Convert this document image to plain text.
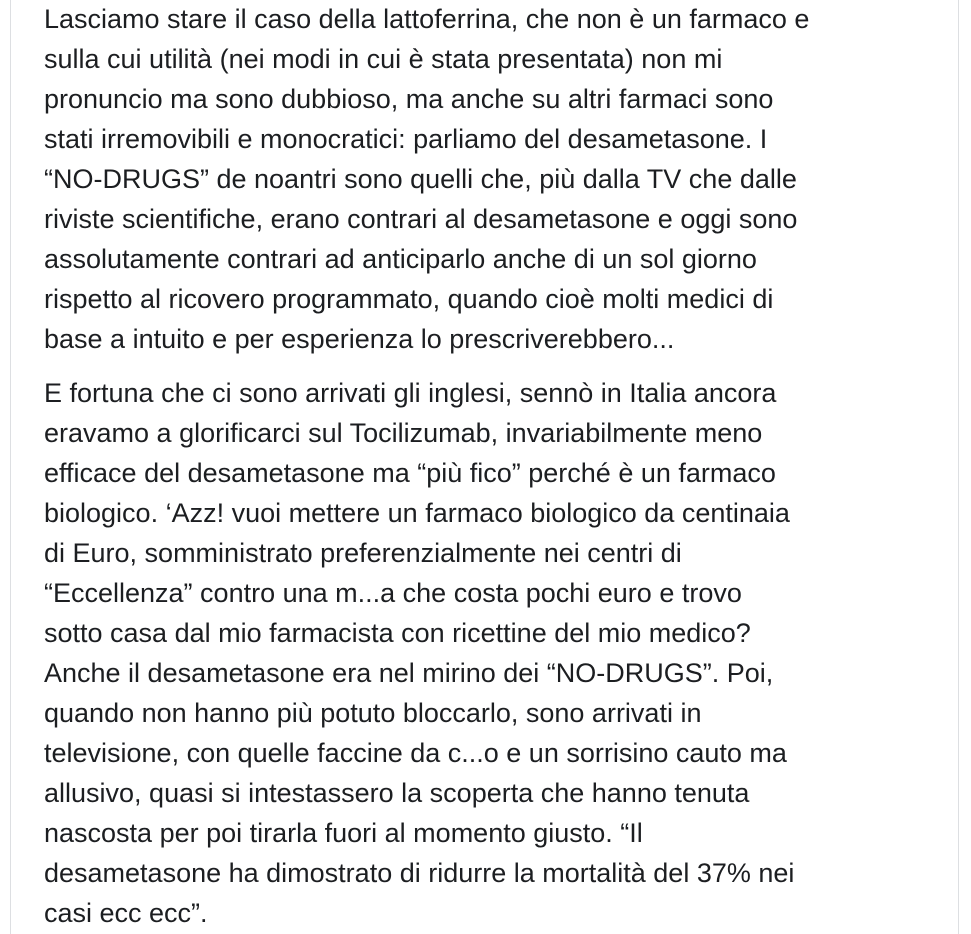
Lasciamo stare il caso della lattoferrina, che non è un farmaco e
sulla cui utilità (nei modi in cui è stata presentata) non mi
pronuncio ma sono dubbioso, ma anche su altri farmaci sono
stati irremovibili e monocratici: parliamo del desametasone. I
“NO-DRUGS” de noantri sono quelli che, più dalla TV che dalle
riviste scientifiche, erano contrari al desametasone e oggi sono
assolutamente contrari ad anticiparlo anche di un sol giorno
rispetto al ricovero programmato, quando cioè molti medici di
base a intuito e per esperienza lo prescriverebbero...

E fortuna che ci sono arrivati gli inglesi, sennò in Italia ancora
eravamo a glorificarci sul Tocilizumab, invariabilmente meno
efficace del desametasone ma “più fico” perché è un farmaco
biologico. ‘Azz! vuoi mettere un farmaco biologico da centinaia
di Euro, somministrato preferenzialmente nei centri di
“Eccellenza” contro una m...a che costa pochi euro e trovo
sotto casa dal mio farmacista con ricettine del mio medico?
Anche il desametasone era nel mirino dei “NO-DRUGS”. Poi,
quando non hanno più potuto bloccarlo, sono arrivati in
televisione, con quelle faccine da c...o e un sorrisino cauto ma
allusivo, quasi si intestassero la scoperta che hanno tenuta
nascosta per poi tirarla fuori al momento giusto. “Il
desametasone ha dimostrato di ridurre la mortalità del 37% nei
casi ecc ecc”.
